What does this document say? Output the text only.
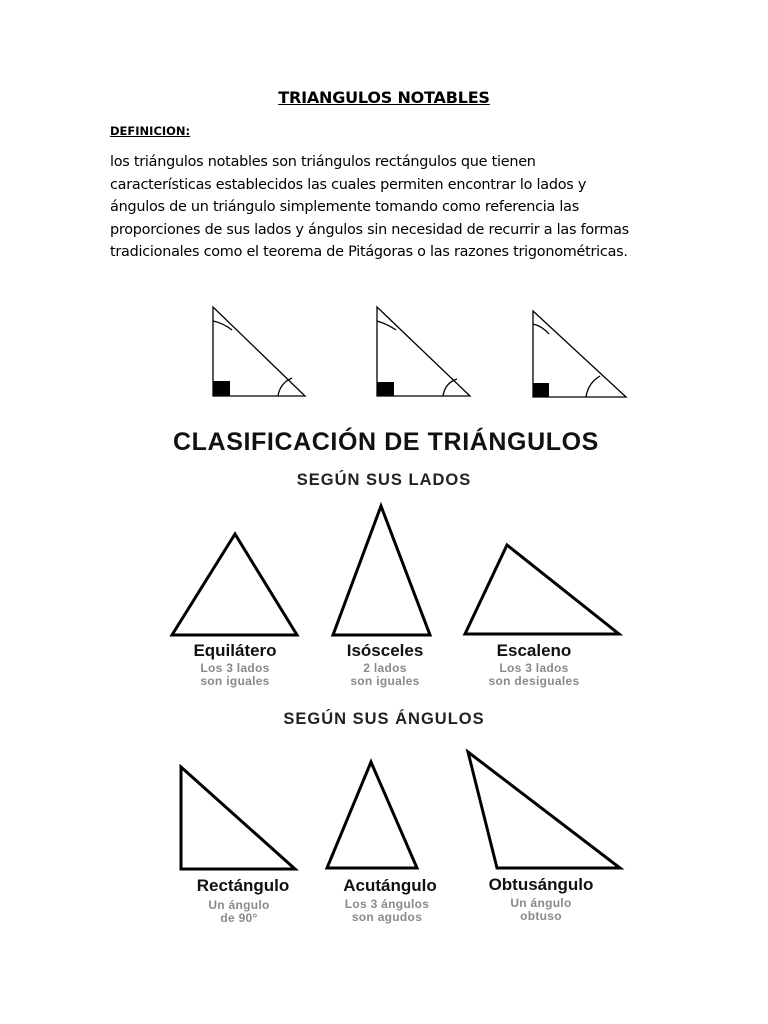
TRIANGULOS NOTABLES
DEFINICION:
los triángulos notables son triángulos rectángulos que tienen
características establecidos las cuales permiten encontrar lo lados y
ángulos de un triángulo simplemente tomando como referencia las
proporciones de sus lados y ángulos sin necesidad de recurrir a las formas
tradicionales como el teorema de Pitágoras o las razones trigonométricas.
CLASIFICACIÓN DE TRIÁNGULOS
SEGÚN SUS LADOS
Equilátero
Los 3 lados
son iguales
Isósceles
2 lados
son iguales
Escaleno
Los 3 lados
son desiguales
SEGÚN SUS ÁNGULOS
Rectángulo
Un ángulo
de 90°
Acutángulo
Los 3 ángulos
son agudos
Obtusángulo
Un ángulo
obtuso
